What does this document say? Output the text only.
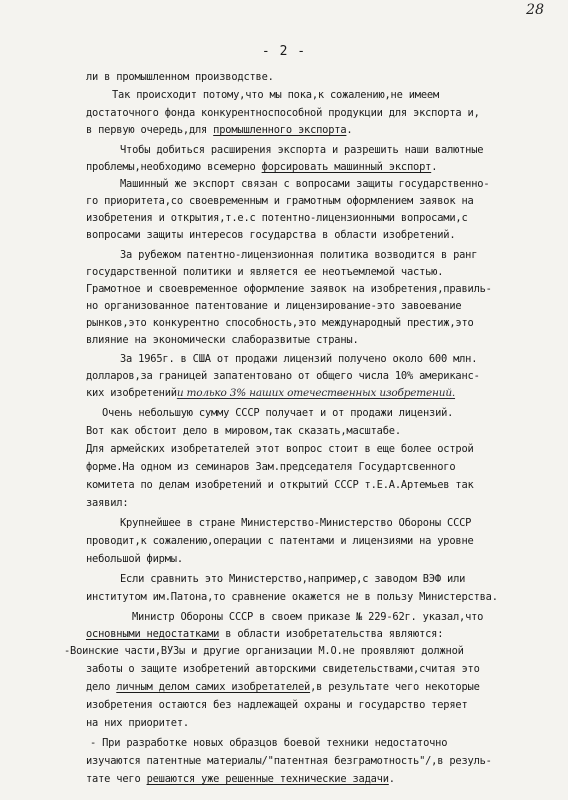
28
- 2 -
ли в промышленном производстве.
Так происходит потому,что мы пока,к сожалению,не имеем
достаточного фонда конкурентноспособной продукции для экспорта и,
в первую очередь,для промышленного экспорта.
Чтобы добиться расширения экспорта и разрешить наши валютные
проблемы,необходимо всемерно форсировать машинный экспорт.
Машинный же экспорт связан с вопросами защиты государственно-
го приоритета,со своевременным и грамотным оформлением заявок на
изобретения и открытия,т.е.с потентно-лицензионными вопросами,с
вопросами защиты интересов государства в области изобретений.
За рубежом патентно-лицензионная политика возводится в ранг
государственной политики и является ее неотъемлемой частью.
Грамотное и своевременное оформление заявок на изобретения,правиль-
но организованное патентование и лицензирование-это завоевание
рынков,это конкурентно способность,это международный престиж,это
влияние на экономически слаборазвитые страны.
За 1965г. в США от продажи лицензий получено около 600 млн.
долларов,за границей запатентовано от общего числа 10% американс-
ких изобретенийи только 3% наших отечественных изобретений.
Очень небольшую сумму СССР получает и от продажи лицензий.
Вот как обстоит дело в мировом,так сказать,масштабе.
Для армейских изобретателей этот вопрос стоит в еще более острой
форме.На одном из семинаров Зам.председателя Государтсвенного
комитета по делам изобретений и открытий СССР т.Е.А.Артемьев так
заявил:
Крупнейшее в стране Министерство-Министерство Обороны СССР
проводит,к сожалению,операции с патентами и лицензиями на уровне
небольшой фирмы.
Если сравнить это Министерство,например,с заводом ВЭФ или
институтом им.Патона,то сравнение окажется не в пользу Министерства.
Министр Обороны СССР в своем приказе № 229-62г. указал,что
основными недостатками в области изобретательства являются:
-Воинские части,ВУЗы и другие организации М.О.не проявляют должной
заботы о защите изобретений авторскими свидетельствами,считая это
дело личным делом самих изобретателей,в результате чего некоторые
изобретения остаются без надлежащей охраны и государство теряет
на них приоритет.
- При разработке новых образцов боевой техники недостаточно
изучаются патентные материалы/"патентная безграмотность"/,в резуль-
тате чего решаются уже решенные технические задачи.
